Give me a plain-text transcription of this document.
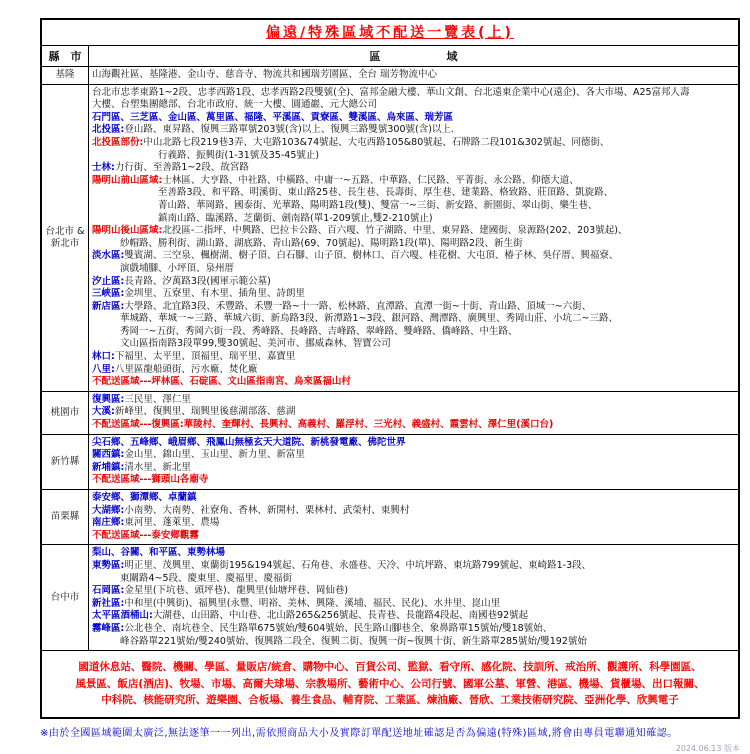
偏遠/特殊區域不配送一覽表(上)
縣　市	區　　　　　　域
基隆 山海觀社區、基隆港、金山寺、慈音寺、物流共和國瑞芳園區、全台 瑞芳物流中心
台北市 &
新北市
台北市忠孝東路1~2段、忠孝西路1段、忠孝西路2段雙號(全)、富邦金融大樓、華山文創、台北遠東企業中心(遠企)、各大市場、A25富邦人壽
大樓、台塑集團總部、台北市政府、統一大樓、圓通巖、元大總公司
石門區、三芝區、金山區、萬里區、福隆、平溪區、貢寮區、雙溪區、烏來區、瑞芳區
北投區:登山路、東昇路、復興三路單號203號(含)以上、復興三路雙號300號(含)以上.
北投區部份:中山北路七段219巷3弄、大屯路103&74號起、大屯西路105&80號起、石牌路二段101&302號起、同德街、
行義路、振興街(1-31號及35-45號止)
士林:力行街、至善路1~2段、故宮路
陽明山前山區域:士林區、大亨路、中社路、中橫路、中庸一~五路、中華路、仁民路、平菁街、永公路、仰德大道、
至善路3段、和平路、明溪街、東山路25巷、長生巷、長壽街、厚生巷、建業路、格致路、莊頂路、凱旋路、
菁山路、華岡路、國泰街、光華路、陽明路1段(雙)、雙富一~三街、新安路、新園街、翠山街、樂生巷、
鎮南山路、臨溪路、芝蘭街、劍南路(單1-209號止,雙2-210號止)
陽明山後山區域:北投區-二指坪、中興路、巴拉卡公路、百六嘎、竹子湖路、中里、東昇路、建國街、泉源路(202、203號起)、
紗帽路、勝利街、湖山路、湖底路、青山路(69、70號起)、陽明路1段(單)、陽明路2段、新生街
淡水區:雙賓湖、三空泉、楓樹湖、樹子頂、白石腳、山子頂、樹林口、百六嘎、桂花樹、大屯頂、椿子林、吳仔厝、興福寮、
演戲埔腳、小坪頂、泉州厝
汐止區:長青路、汐萬路3段(國軍示範公墓)
三峽區:金圳里、五寮里、有木里、插角里、詩朗里
新店區:大學路、北宜路3段、禾豐路、禾豐一路~十一路、松林路、直潭路、直潭一街~十街、青山路、頂城一~六街、
華城路、華城一~三路、華城六街、新烏路3段、新潭路1~3段、銀河路、灣潭路、廣興里、秀岡山莊、小坑二~三路、
秀岡一~五街、秀岡六街一段、秀峰路、長峰路、吉峰路、翠峰路、雙峰路、僑峰路、中生路、
文山區指南路3段單99,雙30號起、美河市、挪威森林、智寶公司
林口:下福里、太平里、頂福里、瑞平里、嘉寶里
八里:八里區龍船頭街、污水廠、焚化廠
不配送區域---坪林區、石碇區、文山區指南宮、烏來區福山村
桃園市
復興區:三民里、澤仁里
大溪:新峰里、復興里、瑞興里後慈湖部落、慈湖
不配送區域---復興區:華陵村、奎輝村、長興村、高義村、羅浮村、三光村、義盛村、霞雲村、澤仁里(溪口台)
新竹縣
尖石鄉、五峰鄉、峨眉鄉、飛鳳山無極玄天大道院、新桃發電廠、佛陀世界
關西鎮:金山里、錦山里、玉山里、新力里、新富里
新埔鎮:清水里、新北里
不配送區域---獅頭山各廟寺
苗栗縣
泰安鄉、獅潭鄉、卓蘭鎮
大湖鄉:小南勢、大南勢、社寮角、香林、新開村、栗林村、武榮村、東興村
南庄鄉:東河里、蓬萊里、農場
不配送區域---泰安鄉觀霧
台中市
梨山、谷關、和平區、東勢林場
東勢區:明正里、茂興里、東蘭街195&194號起、石角巷、永盛巷、天冷、中坑坪路、東坑路799號起、東崎路1-3段、
東關路4~5段、慶東里、慶福里、慶福街
石岡區:金星里(下坑巷、頭坪巷)、龍興里(仙塘坪巷、岡仙巷)
新社區:中和里(中興街)、福興里(永豐、明裕、美林、興隆、溪埔、福民、民化)、水井里、崑山里
太平區酒桶山:大湖巷、山田路、中山巷、北山路265&256號起、長青巷、長龍路4段起、南國巷92號起
霧峰區:公北巷全、南坑巷全、民生路單675號始/雙604號始、民生路山腳巷全、象鼻路單15號始/雙18號始、
峰谷路單221號始/雙240號始、復興路二段全、復興二街、復興一街~復興十街、新生路單285號始/雙192號始
國道休息站、醫院、機關、學區、量販店/統倉、購物中心、百貨公司、監獄、看守所、感化院、技訓所、戒治所、觀護所、科學園區、
風景區、飯店(酒店)、牧場、市場、高爾夫球場、宗教場所、藝術中心、公司行號、國軍公墓、軍營、港區、機場、貨櫃場、出口報關、
中科院、核能研究所、遊樂園、合板場、養生食品、輔育院、工業區、煉油廠、晉欣、工業技術研究院、亞洲化學、欣興電子
※由於全國區域範圍太廣泛,無法逐筆一一列出,需依照商品大小及實際訂單配送地址確認是否為偏遠(特殊)區域,將會由專員電聯通知確認。
2024.06.13 版本
